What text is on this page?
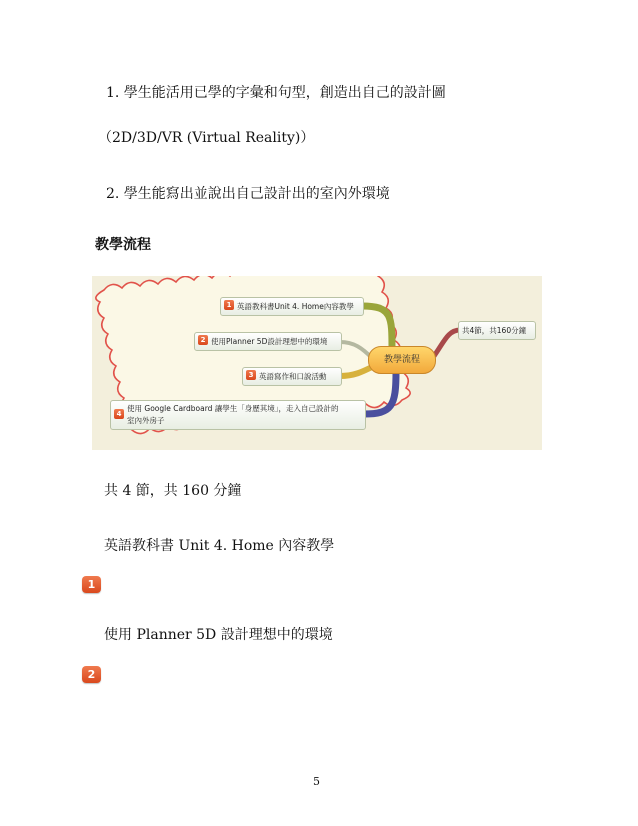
1. 學生能活用已學的字彙和句型，創造出自己的設計圖
（2D/3D/VR (Virtual Reality)）
2. 學生能寫出並說出自己設計出的室內外環境
教學流程
教學流程
共4節，共160分鐘
1 英語教科書Unit 4. Home內容教學
2 使用Planner 5D設計理想中的環境
3 英語寫作和口說活動
4
使用 Google Cardboard 讓學生「身歷其境」，走入自己設計的
室內外房子
共 4 節，共 160 分鐘
英語教科書 Unit 4. Home 內容教學
1
使用 Planner 5D 設計理想中的環境
2
5
